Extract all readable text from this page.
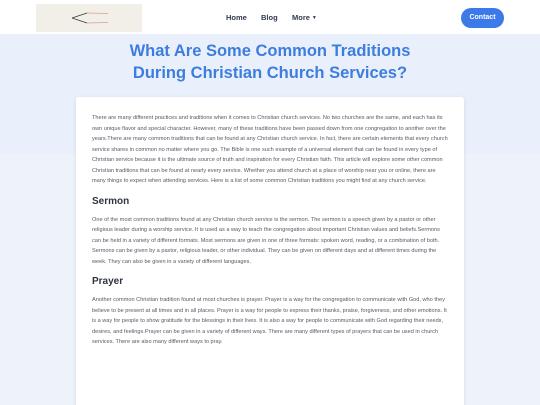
Home Blog More ▼	Contact
What Are Some Common Traditions
During Christian Church Services?

There are many different practices and traditions when it comes to Christian church services. No two churches are the same, and each has its own unique flavor and special character. However, many of these traditions have been passed down from one congregation to another over the years.There are many common traditions that can be found at any Christian church service. In fact, there are certain elements that every church service shares in common no matter where you go. The Bible is one such example of a universal element that can be found in every type of Christian service because it is the ultimate source of truth and inspiration for every Christian faith. This article will explore some other common Christian traditions that can be found at nearly every service. Whether you attend church at a place of worship near you or online, there are many things to expect when attending services. Here is a list of some common Christian traditions you might find at any church service.

Sermon

One of the most common traditions found at any Christian church service is the sermon. The sermon is a speech given by a pastor or other religious leader during a worship service. It is used as a way to teach the congregation about important Christian values and beliefs.Sermons can be held in a variety of different formats. Most sermons are given in one of three formats: spoken word, reading, or a combination of both. Sermons can be given by a pastor, religious leader, or other individual. They can be given on different days and at different times during the week. They can also be given in a variety of different languages.

Prayer

Another common Christian tradition found at most churches is prayer. Prayer is a way for the congregation to communicate with God, who they believe to be present at all times and in all places. Prayer is a way for people to express their thanks, praise, forgiveness, and other emotions. It is a way for people to show gratitude for the blessings in their lives. It is also a way for people to communicate with God regarding their needs, desires, and feelings.Prayer can be given in a variety of different ways. There are many different types of prayers that can be used in church services. There are also many different ways to pray.
